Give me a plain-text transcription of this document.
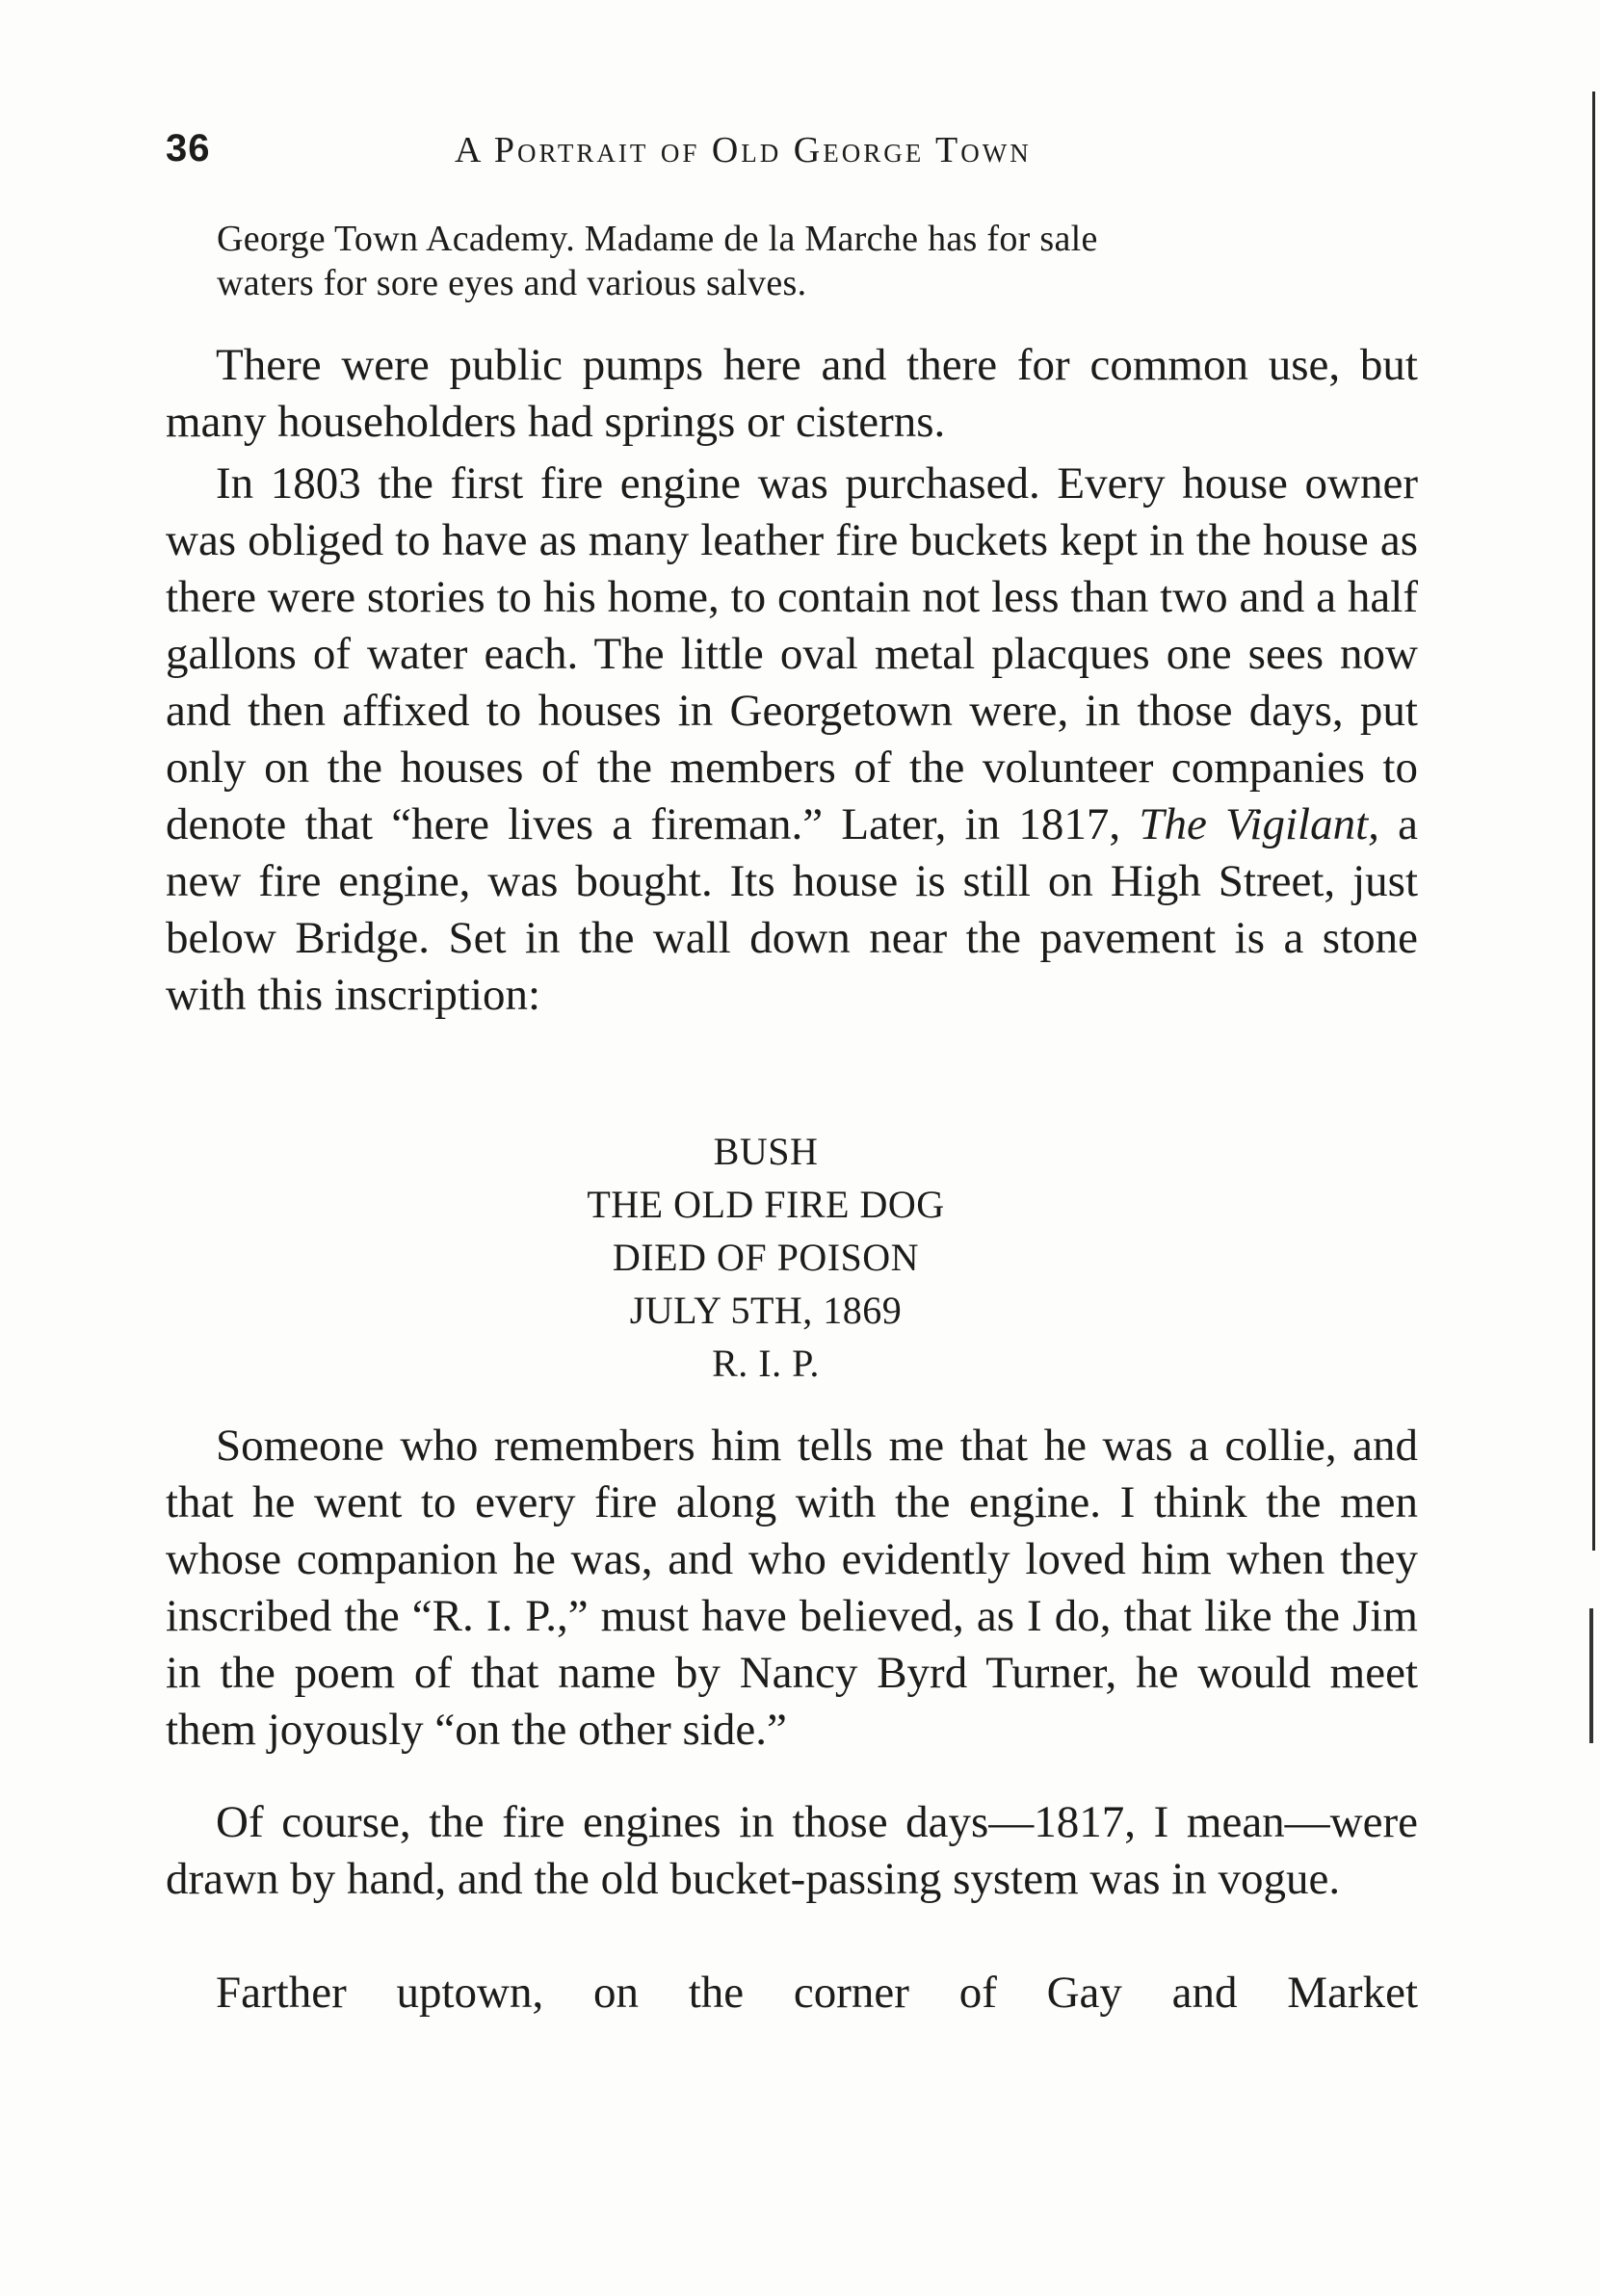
36	A Portrait of Old George Town

George Town Academy. Madame de la Marche has for sale

waters for sore eyes and various salves.

There were public pumps here and there for common use, but many householders had springs or cisterns.

In 1803 the first fire engine was purchased. Every house owner was obliged to have as many leather fire buckets kept in the house as there were stories to his home, to contain not less than two and a half gallons of water each. The little oval metal placques one sees now and then affixed to houses in Georgetown were, in those days, put only on the houses of the members of the volunteer companies to denote that “here lives a fireman.” Later, in 1817, The Vigilant, a new fire engine, was bought. Its house is still on High Street, just below Bridge. Set in the wall down near the pavement is a stone with this inscription:

BUSH
THE OLD FIRE DOG
DIED OF POISON
JULY 5TH, 1869
R. I. P.

Someone who remembers him tells me that he was a collie, and that he went to every fire along with the engine. I think the men whose companion he was, and who evidently loved him when they inscribed the “R. I. P.,” must have believed, as I do, that like the Jim in the poem of that name by Nancy Byrd Turner, he would meet them joyously “on the other side.”

Of course, the fire engines in those days—1817, I mean—were drawn by hand, and the old bucket-passing system was in vogue.

Farther uptown, on the corner of Gay and Market
